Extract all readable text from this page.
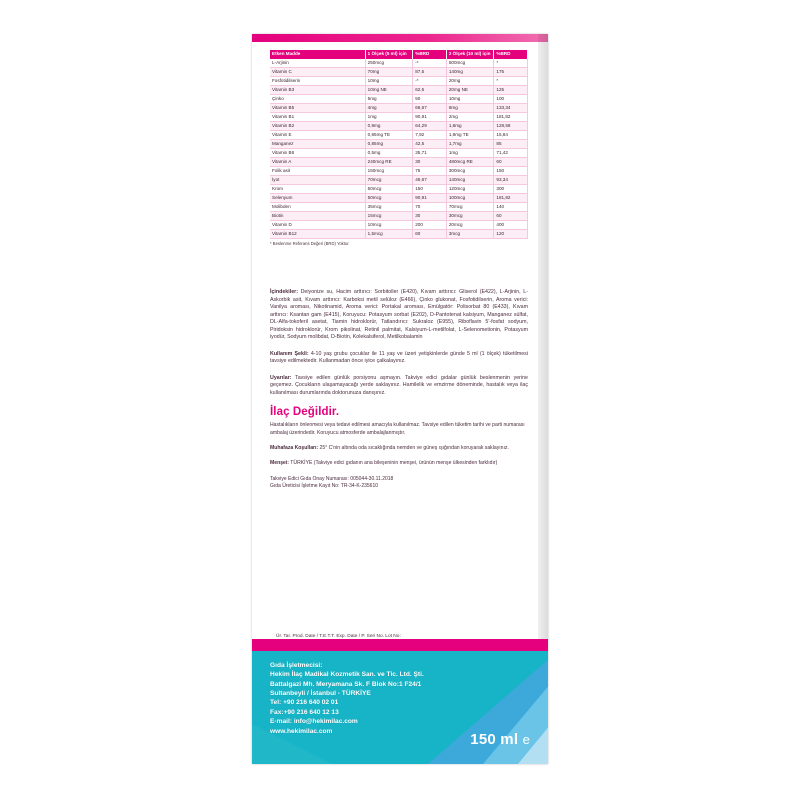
Etken Madde	1 Ölçek (5 ml) için	%BRD	2 Ölçek (10 ml) için	%BRD
L-Arjinin	250mcg	-*	500mcg	*
Vitamin C	70mg	87,5	140mg	175
Fosfotidilserin	10mg	-*	20mg	*
Vitamin B3	10mg NE	62,5	20mg NE	125
Çinko	5mg	50	10mg	100
Vitamin B5	4mg	66,67	8mg	133,34
Vitamin B1	1mg	90,91	2mg	181,82
Vitamin B2	0,9mg	64,29	1,8mg	128,58
Vitamin E	0,95mg TE	7,92	1,9mg TE	15,84
Manganez	0,85mg	42,5	1,7mg	85
Vitamin B6	0,5mg	35,71	1mg	71,42
Vitamin A	240mcg RE	30	480mcg RE	60
Folik asit	150mcg	75	300mcg	150
İyot	70mcg	46,67	140mcg	93,34
Krom	60mcg	150	120mcg	300
Selenyum	50mcg	90,91	100mcg	181,82
Molibden	35mcg	70	70mcg	140
Biotin	15mcg	30	30mcg	60
Vitamin D	10mcg	200	20mcg	400
Vitamin B12	1,5mcg	60	3mcg	120
* Beslenme Referans Değeri (BRD) Yoktur.
İçindekiler: Deiyonize su, Hacim arttırıcı: Sorbitoller (E420), Kıvam arttırıcı: Gliserol (E422), L-Arjinin, L-Askorbik asit, Kıvam arttırıcı: Karboksi metil selüloz (E466), Çinko glukonat, Fosfotidilserin, Aroma verici: Vanilya aroması, Nikotinamid, Aroma verici: Portakal aroması, Emülgatör: Polisorbat 80 (E433), Kıvam arttırıcı: Ksantan gam (E415), Koruyucu: Potasyum sorbat (E202), D-Pantotenat kalsiyum, Manganez sülfat, DL-Alfa-tokoferil asetat, Tiamin hidroklorür, Tatlandırıcı: Sukraloz (E955), Riboflavin 5'-fosfat sodyum, Piridoksin hidroklorür, Krom pikolinat, Retinil palmitat, Kalsiyum-L-metilfolat, L-Selenometionin, Potasyum iyodür, Sodyum molibdat, D-Biotin, Kolekalsiferol, Metilkobalamin
Kullanım Şekli: 4-10 yaş grubu çocuklar ile 11 yaş ve üzeri yetişkinlerde günde 5 ml (1 ölçek) tüketilmesi tavsiye edilmektedir. Kullanmadan önce iyice çalkalayınız.
Uyarılar: Tavsiye edilen günlük porsiyonu aşmayın. Takviye edici gıdalar günlük beslenmenin yerine geçemez. Çocukların ulaşamayacağı yerde saklayınız. Hamilelik ve emzirme döneminde, hastalık veya ilaç kullanılması durumlarında doktorunuza danışınız.
İlaç Değildir.
Hastalıkların önlenmesi veya tedavi edilmesi amacıyla kullanılmaz. Tavsiye edilen tüketim tarihi ve parti numarası ambalaj üzerindedir. Koruyucu atmosferde ambalajlanmıştır.
Muhafaza Koşulları: 25° C'nin altında oda sıcaklığında nemden ve güneş ışığından koruyarak saklayınız.
Menşei: TÜRKİYE (Takviye edici gıdanın ana bileşeninin menşei, ürünün menşe ülkesinden farklıdır)
Takviye Edici Gıda Onay Numarası: 005044-30.11.2018
Gıda Üreticisi İşletme Kayıt No: TR-34-K-235610
Ür. Tar. Prod. Date / T.E.T.T. Exp. Date / P. Seri No. Lot No:
Gıda İşletmecisi:
Hekim İlaç Madikal Kozmetik San. ve Tic. Ltd. Şti.
Battalgazi Mh. Meryamana Sk. F Blok No:1 F24/1
Sultanbeyli / İstanbul - TÜRKİYE
Tel: +90 216 640 02 01
Fax:+90 216 640 12 13
E-mail: info@hekimilac.com
www.hekimilac.com	150 ml e
